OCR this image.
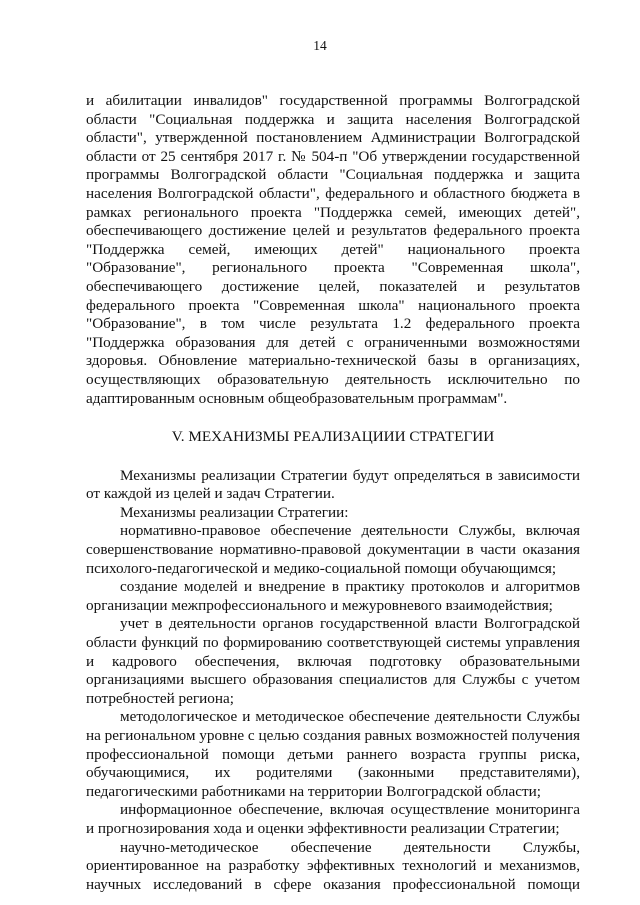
14

и абилитации инвалидов" государственной программы Волгоградской области "Социальная поддержка и защита населения Волгоградской области", утвержденной постановлением Администрации Волгоградской области от 25 сентября 2017 г. № 504-п "Об утверждении государственной программы Волгоградской области "Социальная поддержка и защита населения Волгоградской области", федерального и областного бюджета в рамках регионального проекта "Поддержка семей, имеющих детей", обеспечивающего достижение целей и результатов федерального проекта "Поддержка семей, имеющих детей" национального проекта "Образование", регионального проекта "Современная школа", обеспечивающего достижение целей, показателей и результатов федерального проекта "Современная школа" национального проекта "Образование", в том числе результата 1.2 федерального проекта "Поддержка образования для детей с ограниченными возможностями здоровья. Обновление материально-технической базы в организациях, осуществляющих образовательную деятельность исключительно по адаптированным основным общеобразовательным программам".

V. МЕХАНИЗМЫ РЕАЛИЗАЦИИИ СТРАТЕГИИ

Механизмы реализации Стратегии будут определяться в зависимости от каждой из целей и задач Стратегии.

Механизмы реализации Стратегии:

нормативно-правовое обеспечение деятельности Службы, включая совершенствование нормативно-правовой документации в части оказания психолого-педагогической и медико-социальной помощи обучающимся;

создание моделей и внедрение в практику протоколов и алгоритмов организации межпрофессионального и межуровневого взаимодействия;

учет в деятельности органов государственной власти Волгоградской области функций по формированию соответствующей системы управления и кадрового обеспечения, включая подготовку образовательными организациями высшего образования специалистов для Службы с учетом потребностей региона;

методологическое и методическое обеспечение деятельности Службы на региональном уровне с целью создания равных возможностей получения профессиональной помощи детьми раннего возраста группы риска, обучающимися, их родителями (законными представителями), педагогическими работниками на территории Волгоградской области;

информационное обеспечение, включая осуществление мониторинга и прогнозирования хода и оценки эффективности реализации Стратегии;

научно-методическое обеспечение деятельности Службы, ориентированное на разработку эффективных технологий и механизмов, научных исследований в сфере оказания профессиональной помощи
